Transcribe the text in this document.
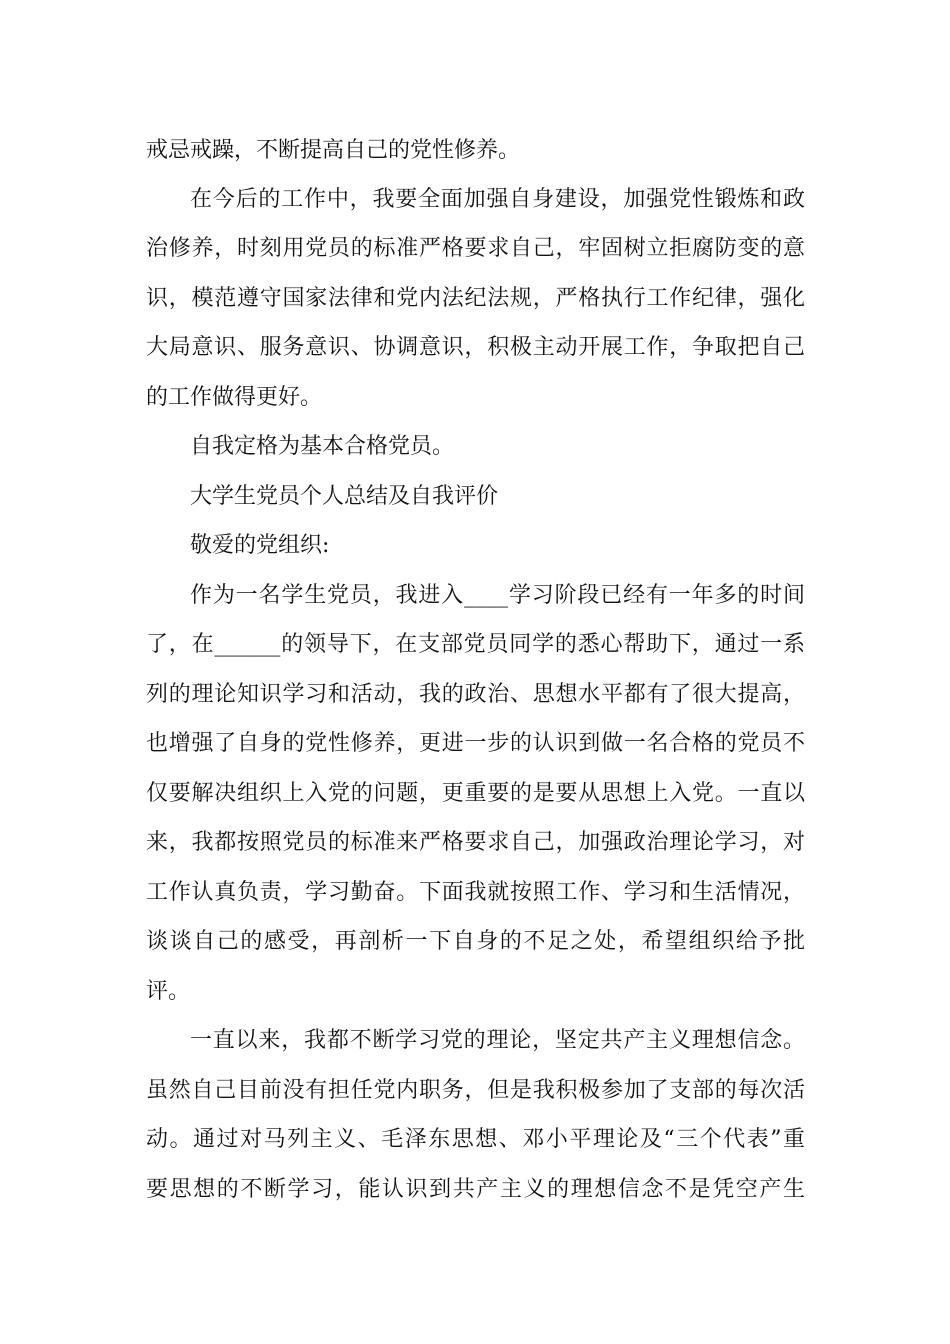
戒忌戒躁，不断提高自己的党性修养。
在今后的工作中，我要全面加强自身建设，加强党性锻炼和政
治修养，时刻用党员的标准严格要求自己，牢固树立拒腐防变的意
识，模范遵守国家法律和党内法纪法规，严格执行工作纪律，强化
大局意识、服务意识、协调意识，积极主动开展工作，争取把自己
的工作做得更好。
自我定格为基本合格党员。
大学生党员个人总结及自我评价
敬爱的党组织:
作为一名学生党员，我进入____学习阶段已经有一年多的时间
了，在______的领导下，在支部党员同学的悉心帮助下，通过一系
列的理论知识学习和活动，我的政治、思想水平都有了很大提高，
也增强了自身的党性修养，更进一步的认识到做一名合格的党员不
仅要解决组织上入党的问题，更重要的是要从思想上入党。一直以
来，我都按照党员的标准来严格要求自己，加强政治理论学习，对
工作认真负责，学习勤奋。下面我就按照工作、学习和生活情况，
谈谈自己的感受，再剖析一下自身的不足之处，希望组织给予批
评。
一直以来，我都不断学习党的理论，坚定共产主义理想信念。
虽然自己目前没有担任党内职务，但是我积极参加了支部的每次活
动。通过对马列主义、毛泽东思想、邓小平理论及“三个代表”重
要思想的不断学习，能认识到共产主义的理想信念不是凭空产生
